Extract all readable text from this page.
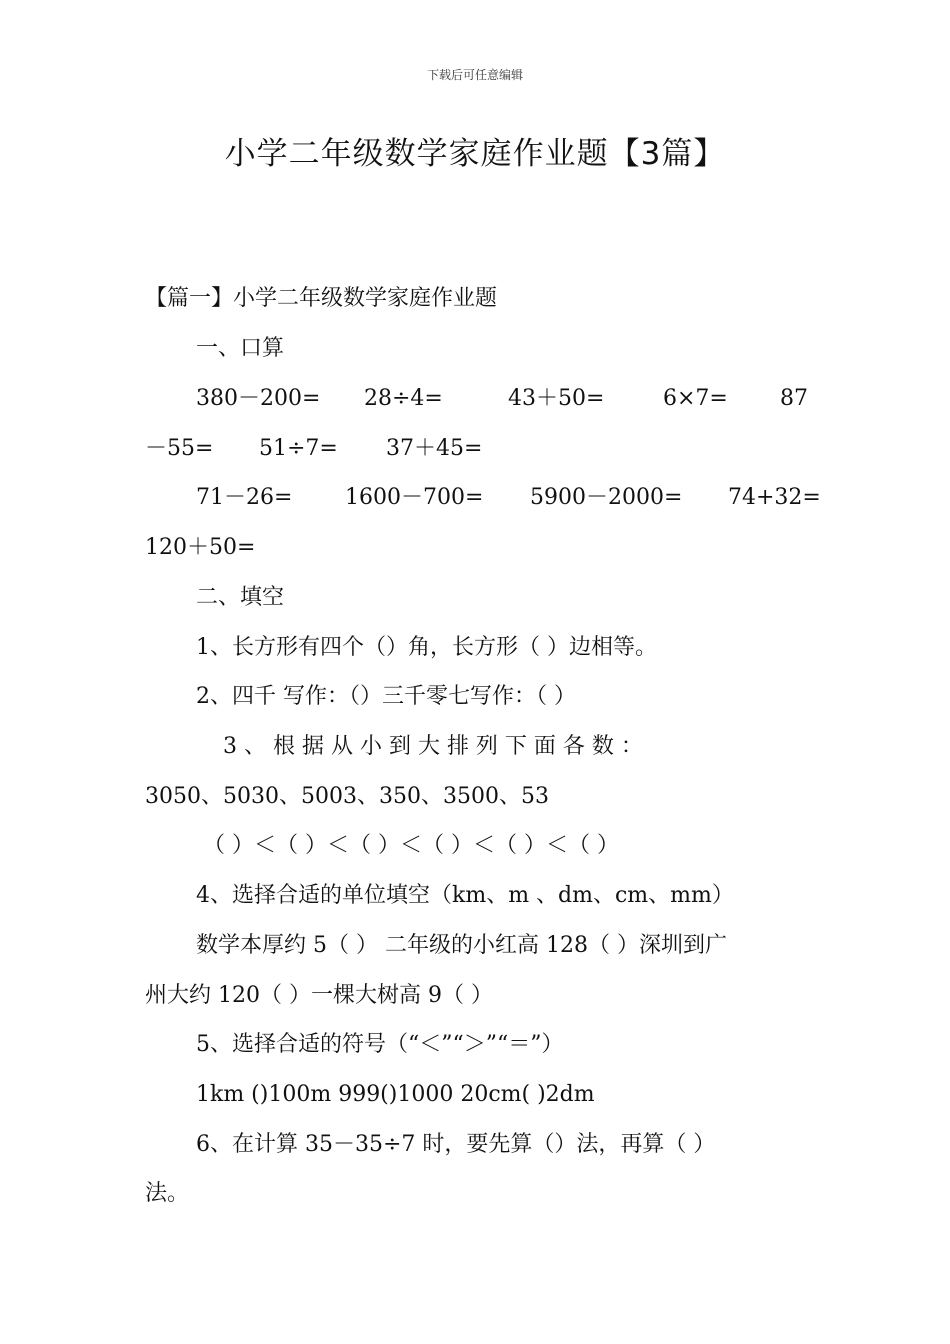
下载后可任意编辑
小学二年级数学家庭作业题【3篇】
【篇一】小学二年级数学家庭作业题
一、口算
380－200= 28÷4=	43＋50=	6×7= 87
－55= 51÷7= 37＋45=
71－26= 1600－700= 5900－2000= 74+32=
120＋50=
二、填空
1、长方形有四个（）角，长方形（ ）边相等。
2、四千 写作：（）三千零七写作：（ ）
3 、 根 据 从 小 到 大 排 列 下 面 各 数 ：
3050、5030、5003、350、3500、53
（ ）＜（ ）＜（ ）＜（ ）＜（ ）＜（ ）
4、选择合适的单位填空（km、m 、dm、cm、mm）
数学本厚约 5（ ） 二年级的小红高 128（ ）深圳到广
州大约 120（ ）一棵大树高 9（ ）
5、选择合适的符号（“＜”“＞”“＝”）
1km ()100m 999()1000 20cm( )2dm
6、在计算 35－35÷7 时，要先算（）法，再算（ ）
法。
